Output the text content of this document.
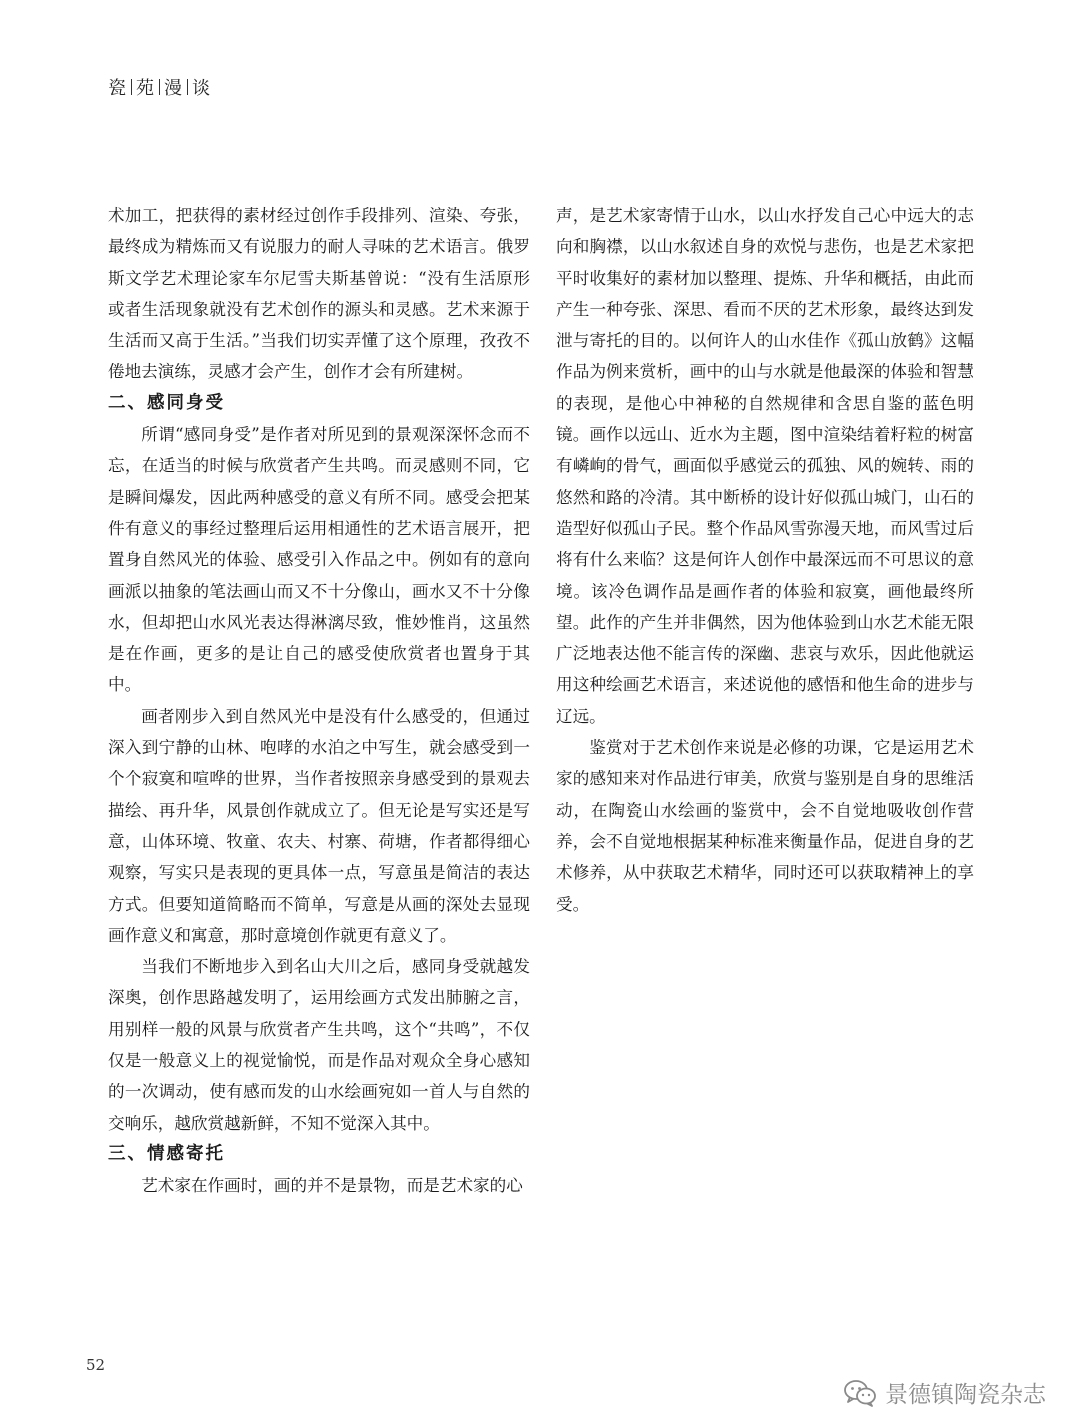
瓷 苑 漫 谈

术加工，把获得的素材经过创作手段排列、渲染、夸张，最终成为精炼而又有说服力的耐人寻味的艺术语言。俄罗斯文学艺术理论家车尔尼雪夫斯基曾说：“没有生活原形或者生活现象就没有艺术创作的源头和灵感。艺术来源于生活而又高于生活。”当我们切实弄懂了这个原理，孜孜不倦地去演练，灵感才会产生，创作才会有所建树。

二、感同身受

所谓“感同身受”是作者对所见到的景观深深怀念而不忘，在适当的时候与欣赏者产生共鸣。而灵感则不同，它是瞬间爆发，因此两种感受的意义有所不同。感受会把某件有意义的事经过整理后运用相通性的艺术语言展开，把置身自然风光的体验、感受引入作品之中。例如有的意向画派以抽象的笔法画山而又不十分像山，画水又不十分像水，但却把山水风光表达得淋漓尽致，惟妙惟肖，这虽然是在作画，更多的是让自己的感受使欣赏者也置身于其中。

画者刚步入到自然风光中是没有什么感受的，但通过深入到宁静的山林、咆哮的水泊之中写生，就会感受到一个个寂寞和喧哗的世界，当作者按照亲身感受到的景观去描绘、再升华，风景创作就成立了。但无论是写实还是写意，山体环境、牧童、农夫、村寨、荷塘，作者都得细心观察，写实只是表现的更具体一点，写意虽是简洁的表达方式。但要知道简略而不简单，写意是从画的深处去显现画作意义和寓意，那时意境创作就更有意义了。

当我们不断地步入到名山大川之后，感同身受就越发深奥，创作思路越发明了，运用绘画方式发出肺腑之言，用别样一般的风景与欣赏者产生共鸣，这个“共鸣”，不仅仅是一般意义上的视觉愉悦，而是作品对观众全身心感知的一次调动，使有感而发的山水绘画宛如一首人与自然的交响乐，越欣赏越新鲜，不知不觉深入其中。

三、情感寄托

艺术家在作画时，画的并不是景物，而是艺术家的心

声，是艺术家寄情于山水，以山水抒发自己心中远大的志向和胸襟，以山水叙述自身的欢悦与悲伤，也是艺术家把平时收集好的素材加以整理、提炼、升华和概括，由此而产生一种夸张、深思、看而不厌的艺术形象，最终达到发泄与寄托的目的。以何许人的山水佳作《孤山放鹤》这幅作品为例来赏析，画中的山与水就是他最深的体验和智慧的表现，是他心中神秘的自然规律和含思自鉴的蓝色明镜。画作以远山、近水为主题，图中渲染结着籽粒的树富有嶙峋的骨气，画面似乎感觉云的孤独、风的婉转、雨的悠然和路的冷清。其中断桥的设计好似孤山城门，山石的造型好似孤山子民。整个作品风雪弥漫天地，而风雪过后将有什么来临？这是何许人创作中最深远而不可思议的意境。该冷色调作品是画作者的体验和寂寞，画他最终所望。此作的产生并非偶然，因为他体验到山水艺术能无限广泛地表达他不能言传的深幽、悲哀与欢乐，因此他就运用这种绘画艺术语言，来述说他的感悟和他生命的进步与辽远。

鉴赏对于艺术创作来说是必修的功课，它是运用艺术家的感知来对作品进行审美，欣赏与鉴别是自身的思维活动，在陶瓷山水绘画的鉴赏中，会不自觉地吸收创作营养，会不自觉地根据某种标准来衡量作品，促进自身的艺术修养，从中获取艺术精华，同时还可以获取精神上的享受。

52
景德镇陶瓷杂志
